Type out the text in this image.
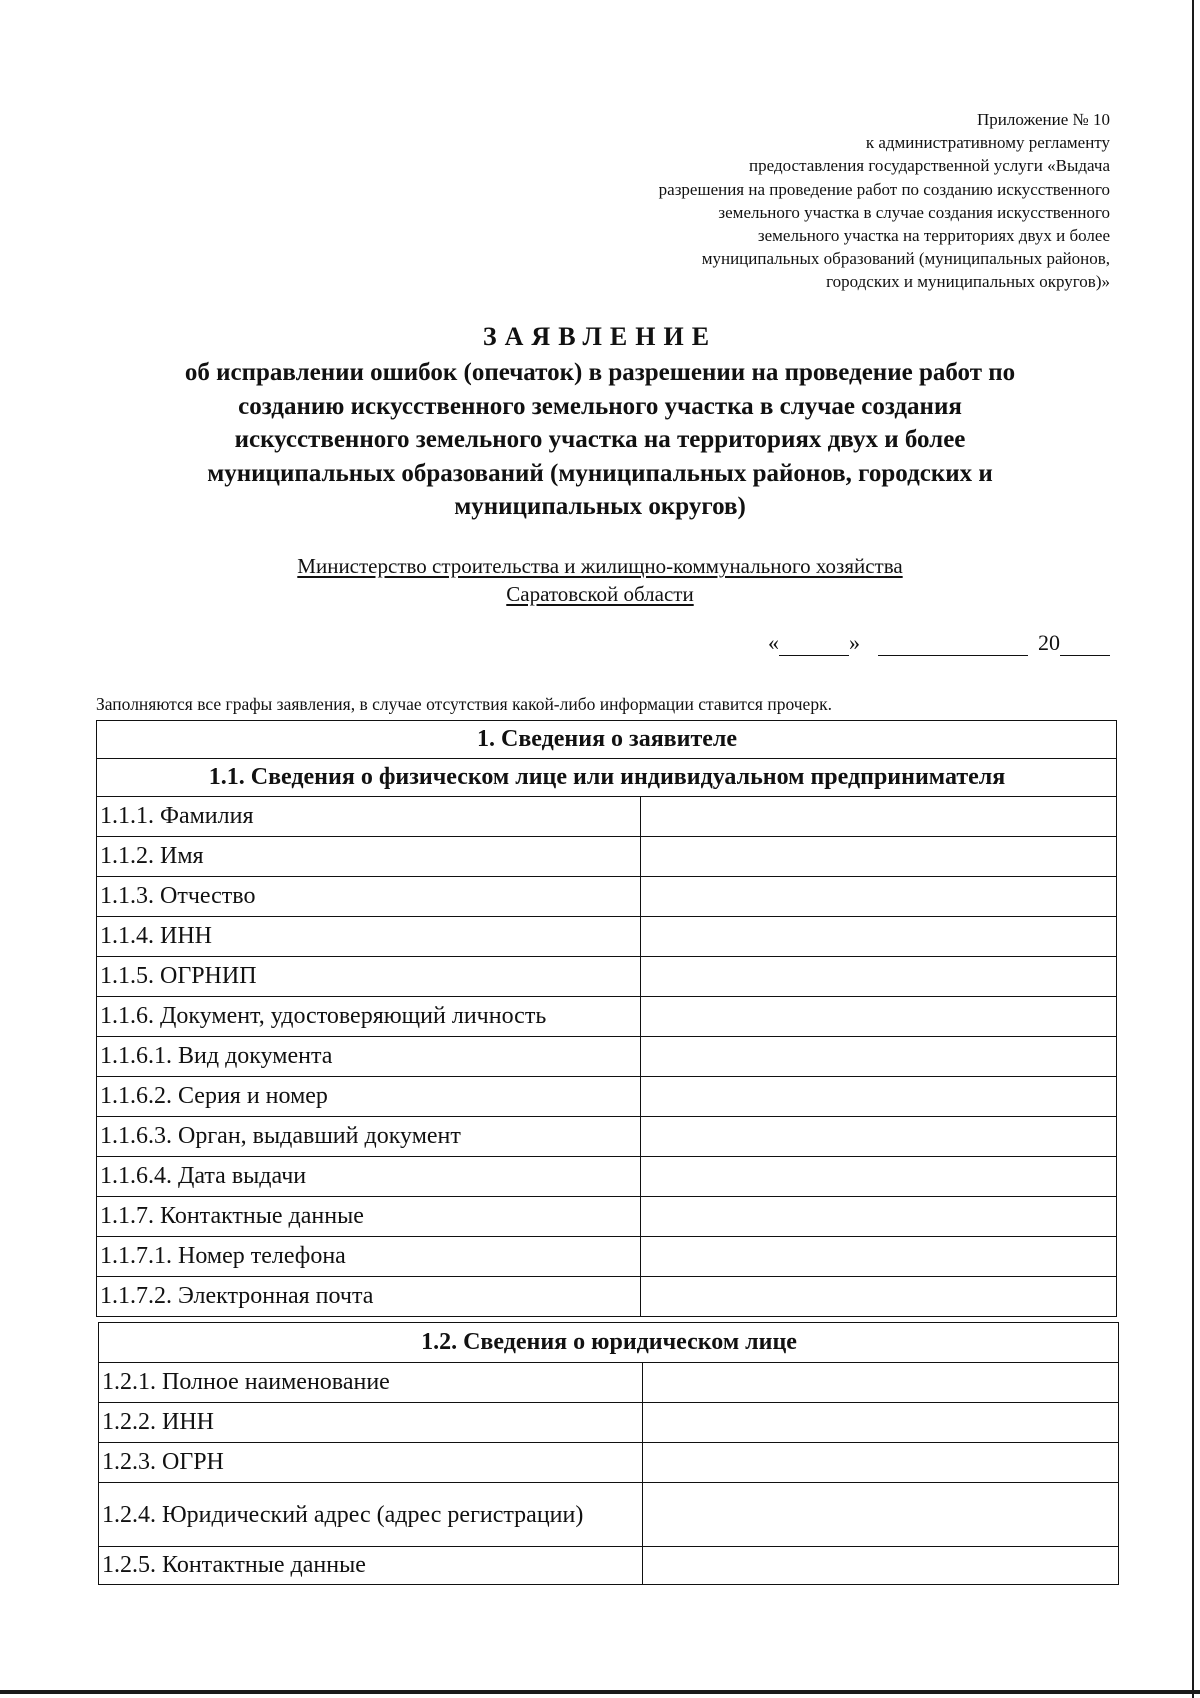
Приложение № 10
к административному регламенту
предоставления государственной услуги «Выдача
разрешения на проведение работ по созданию искусственного
земельного участка в случае создания искусственного
земельного участка на территориях двух и более
муниципальных образований (муниципальных районов,
городских и муниципальных округов)»
ЗАЯВЛЕНИЕ
об исправлении ошибок (опечаток) в разрешении на проведение работ по
созданию искусственного земельного участка в случае создания
искусственного земельного участка на территориях двух и более
муниципальных образований (муниципальных районов, городских и
муниципальных округов)
Министерство строительства и жилищно-коммунального хозяйства
Саратовской области
«	»	20
Заполняются все графы заявления, в случае отсутствия какой-либо информации ставится прочерк.
1. Сведения о заявителе	
1.1. Сведения о физическом лице или индивидуальном предпринимателя	
1.1.1. Фамилия	
1.1.2. Имя	
1.1.3. Отчество	
1.1.4. ИНН	
1.1.5. ОГРНИП	
1.1.6. Документ, удостоверяющий личность	
1.1.6.1. Вид документа	
1.1.6.2. Серия и номер	
1.1.6.3. Орган, выдавший документ	
1.1.6.4. Дата выдачи	
1.1.7. Контактные данные	
1.1.7.1. Номер телефона	
1.1.7.2. Электронная почта	
1.2. Сведения о юридическом лице	
1.2.1. Полное наименование	
1.2.2. ИНН	
1.2.3. ОГРН	
1.2.4. Юридический адрес (адрес регистрации)	
1.2.5. Контактные данные	
